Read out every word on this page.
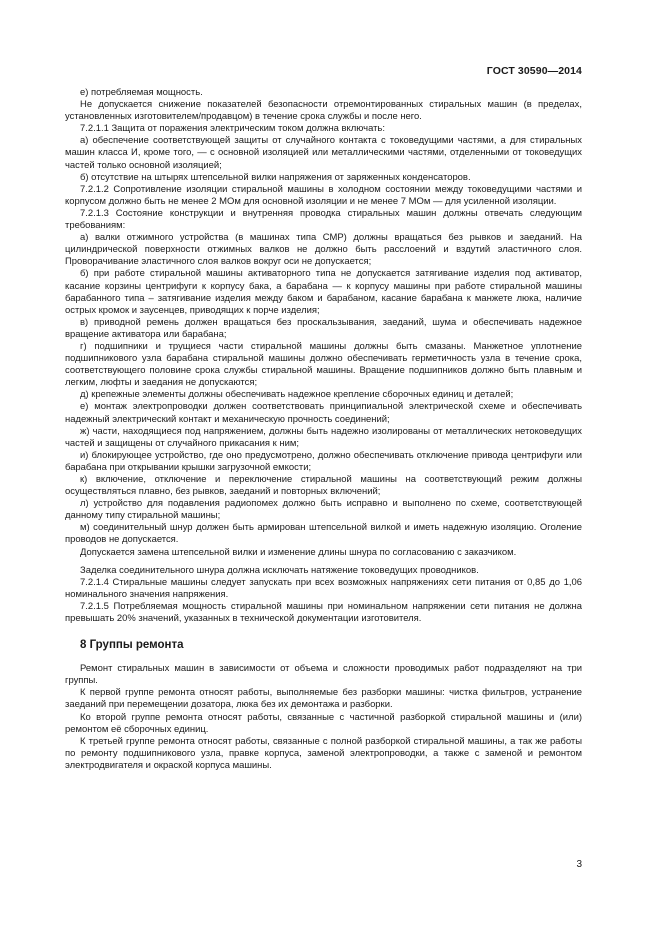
ГОСТ 30590—2014

е) потребляемая мощность.

Не допускается снижение показателей безопасности отремонтированных стиральных машин (в пределах, установленных изготовителем/продавцом) в течение срока службы и после него.

7.2.1.1 Защита от поражения электрическим током должна включать:

а) обеспечение соответствующей защиты от случайного контакта с токоведущими частями, а для стиральных машин класса И, кроме того, — с основной изоляцией или металлическими частями, отделенными от токоведущих частей только основной изоляцией;

б) отсутствие на штырях штепсельной вилки напряжения от заряженных конденсаторов.

7.2.1.2 Сопротивление изоляции стиральной машины в холодном состоянии между токоведущими частями и корпусом должно быть не менее 2 МОм для основной изоляции и не менее 7 МОм — для усиленной изоляции.

7.2.1.3 Состояние конструкции и внутренняя проводка стиральных машин должны отвечать следующим требованиям:

а) валки отжимного устройства (в машинах типа СМР) должны вращаться без рывков и заеданий. На цилиндрической поверхности отжимных валков не должно быть расслоений и вздутий эластичного слоя. Проворачивание эластичного слоя валков вокруг оси не допускается;

б) при работе стиральной машины активаторного типа не допускается затягивание изделия под активатор, касание корзины центрифуги к корпусу бака, а барабана — к корпусу машины при работе стиральной машины барабанного типа – затягивание изделия между баком и барабаном, касание барабана к манжете люка, наличие острых кромок и заусенцев, приводящих к порче изделия;

в) приводной ремень должен вращаться без проскальзывания, заеданий, шума и обеспечивать надежное вращение активатора или барабана;

г) подшипники и трущиеся части стиральной машины должны быть смазаны. Манжетное уплотнение подшипникового узла барабана стиральной машины должно обеспечивать герметичность узла в течение срока, соответствующего половине срока службы стиральной машины. Вращение подшипников должно быть плавным и легким, люфты и заедания не допускаются;

д) крепежные элементы должны обеспечивать надежное крепление сборочных единиц и деталей;

е) монтаж электропроводки должен соответствовать принципиальной электрической схеме и обеспечивать надежный электрический контакт и механическую прочность соединений;

ж) части, находящиеся под напряжением, должны быть надежно изолированы от металлических нетоковедущих частей и защищены от случайного прикасания к ним;

и) блокирующее устройство, где оно предусмотрено, должно обеспечивать отключение привода центрифуги или барабана при открывании крышки загрузочной емкости;

к) включение, отключение и переключение стиральной машины на соответствующий режим должны осуществляться плавно, без рывков, заеданий и повторных включений;

л) устройство для подавления радиопомех должно быть исправно и выполнено по схеме, соответствующей данному типу стиральной машины;

м) соединительный шнур должен быть армирован штепсельной вилкой и иметь надежную изоляцию. Оголение проводов не допускается.

Допускается замена штепсельной вилки и изменение длины шнура по согласованию с заказчиком.

Заделка соединительного шнура должна исключать натяжение токоведущих проводников.

7.2.1.4 Стиральные машины следует запускать при всех возможных напряжениях сети питания от 0,85 до 1,06 номинального значения напряжения.

7.2.1.5 Потребляемая мощность стиральной машины при номинальном напряжении сети питания не должна превышать 20% значений, указанных в технической документации изготовителя.

8 Группы ремонта

Ремонт стиральных машин в зависимости от объема и сложности проводимых работ подразделяют на три группы.

К первой группе ремонта относят работы, выполняемые без разборки машины: чистка фильтров, устранение заеданий при перемещении дозатора, люка без их демонтажа и разборки.

Ко второй группе ремонта относят работы, связанные с частичной разборкой стиральной машины и (или) ремонтом её сборочных единиц.

К третьей группе ремонта относят работы, связанные с полной разборкой стиральной машины, а так же работы по ремонту подшипникового узла, правке корпуса, заменой электропроводки, а также с заменой и ремонтом электродвигателя и окраской корпуса машины.

3
